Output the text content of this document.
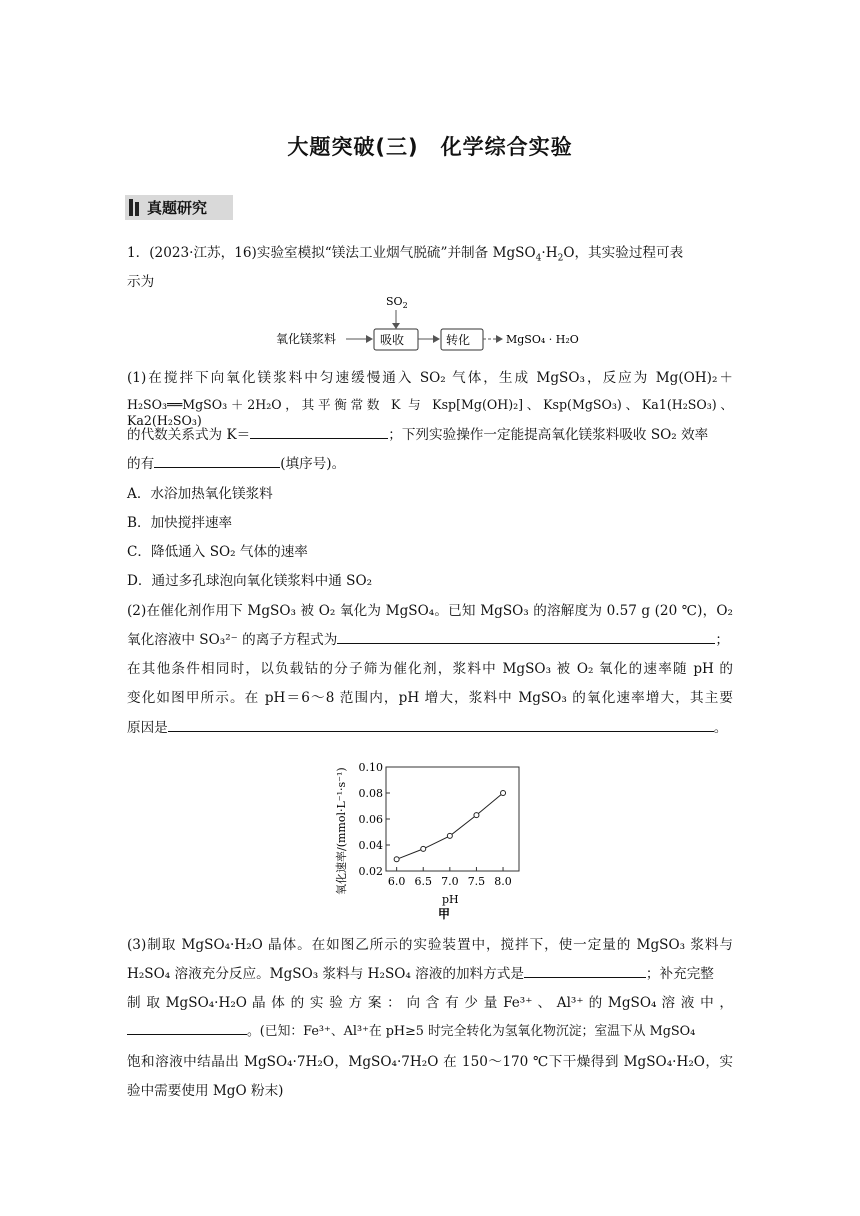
大题突破(三)　化学综合实验
真题研究
1．(2023·江苏，16)实验室模拟“镁法工业烟气脱硫”并制备 $MgSO_4\cdot H_2O$，其实验过程可表
示为
$SO_2$
氧化镁浆料	吸收	转化	MgSO₄ · H₂O
(1)在搅拌下向氧化镁浆料中匀速缓慢通入 SO₂ 气体，生成 MgSO₃，反应为 Mg(OH)₂＋
H₂SO₃══MgSO₃＋2H₂O，其平衡常数 K 与 Ksp[Mg(OH)₂]、Ksp(MgSO₃)、Ka1(H₂SO₃)、Ka2(H₂SO₃)
的代数关系式为 K＝	；下列实验操作一定能提高氧化镁浆料吸收 SO₂ 效率
的有	(填序号)。
A．水浴加热氧化镁浆料
B．加快搅拌速率
C．降低通入 SO₂ 气体的速率
D．通过多孔球泡向氧化镁浆料中通 SO₂
(2)在催化剂作用下 MgSO₃ 被 O₂ 氧化为 MgSO₄。已知 MgSO₃ 的溶解度为 0.57 g (20 ℃)，O₂
氧化溶液中 SO₃²⁻ 的离子方程式为	；
在其他条件相同时，以负载钴的分子筛为催化剂，浆料中 MgSO₃ 被 O₂ 氧化的速率随 pH 的
变化如图甲所示。在 pH＝6～8 范围内，pH 增大，浆料中 MgSO₃ 的氧化速率增大，其主要
原因是	。
0.02
0.04
0.06
0.08
0.10
6.0 6.5 7.0 7.5 8.0
氧化速率/(mmol·L⁻¹·s⁻¹)
pH
甲
(3)制取 MgSO₄·H₂O 晶体。在如图乙所示的实验装置中，搅拌下，使一定量的 MgSO₃ 浆料与
H₂SO₄ 溶液充分反应。MgSO₃ 浆料与 H₂SO₄ 溶液的加料方式是	；补充完整
制 取 MgSO₄·H₂O 晶 体 的 实 验 方 案 ： 向 含 有 少 量 Fe³⁺ 、 Al³⁺ 的 MgSO₄ 溶 液 中 ，
。(已知：Fe³⁺、Al³⁺在 pH≥5 时完全转化为氢氧化物沉淀；室温下从 MgSO₄
饱和溶液中结晶出 MgSO₄·7H₂O，MgSO₄·7H₂O 在 150～170 ℃下干燥得到 MgSO₄·H₂O，实
验中需要使用 MgO 粉末)
